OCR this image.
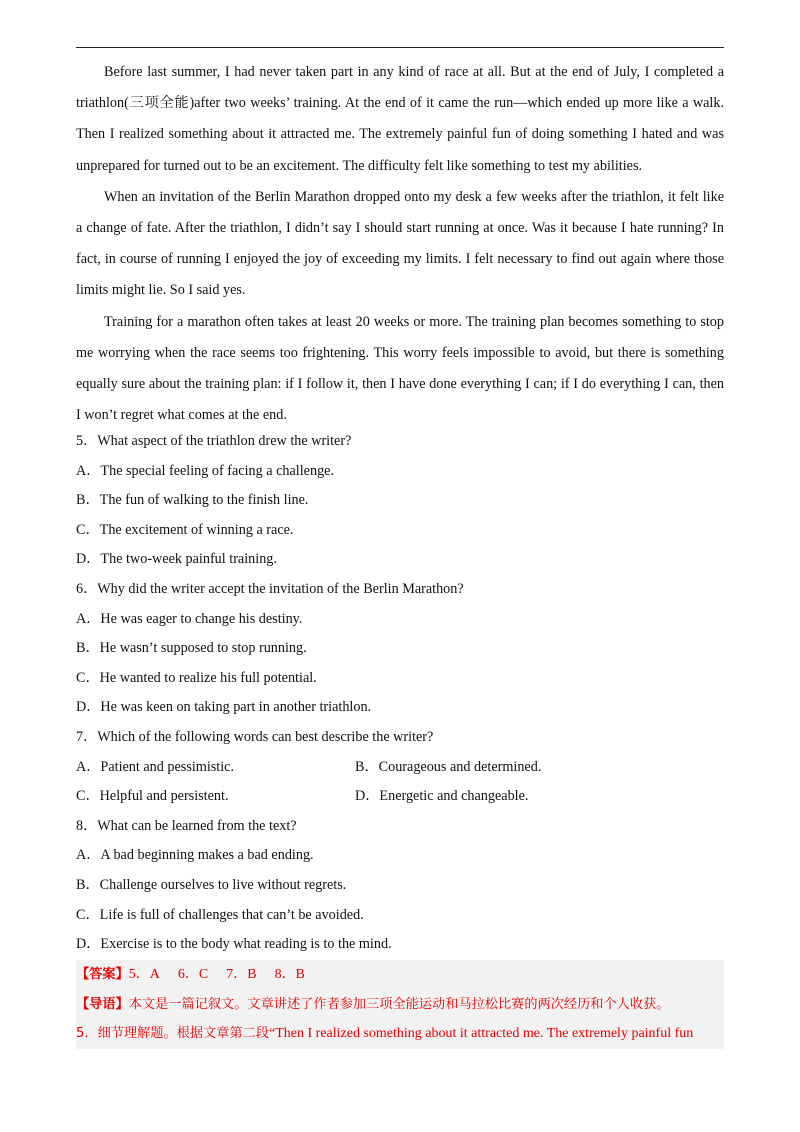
Before last summer, I had never taken part in any kind of race at all. But at the end of July, I completed a triathlon(三项全能)after two weeks’ training. At the end of it came the run—which ended up more like a walk. Then I realized something about it attracted me. The extremely painful fun of doing something I hated and was unprepared for turned out to be an excitement. The difficulty felt like something to test my abilities.

When an invitation of the Berlin Marathon dropped onto my desk a few weeks after the triathlon, it felt like a change of fate. After the triathlon, I didn’t say I should start running at once. Was it because I hate running? In fact, in course of running I enjoyed the joy of exceeding my limits. I felt necessary to find out again where those limits might lie. So I said yes.

Training for a marathon often takes at least 20 weeks or more. The training plan becomes something to stop me worrying when the race seems too frightening. This worry feels impossible to avoid, but there is something equally sure about the training plan: if I follow it, then I have done everything I can; if I do everything I can, then I won’t regret what comes at the end.

5．What aspect of the triathlon drew the writer?
A．The special feeling of facing a challenge.
B．The fun of walking to the finish line.
C．The excitement of winning a race.
D．The two-week painful training.
6．Why did the writer accept the invitation of the Berlin Marathon?
A．He was eager to change his destiny.
B．He wasn’t supposed to stop running.
C．He wanted to realize his full potential.
D．He was keen on taking part in another triathlon.
7．Which of the following words can best describe the writer?
A．Patient and pessimistic.	B．Courageous and determined.
C．Helpful and persistent.	D．Energetic and changeable.
8．What can be learned from the text?
A．A bad beginning makes a bad ending.
B．Challenge ourselves to live without regrets.
C．Life is full of challenges that can’t be avoided.
D．Exercise is to the body what reading is to the mind.
【答案】5．A 6．C 7．B 8．B
【导语】本文是一篇记叙文。文章讲述了作者参加三项全能运动和马拉松比赛的两次经历和个人收获。
5．细节理解题。根据文章第二段“Then I realized something about it attracted me. The extremely painful fun
